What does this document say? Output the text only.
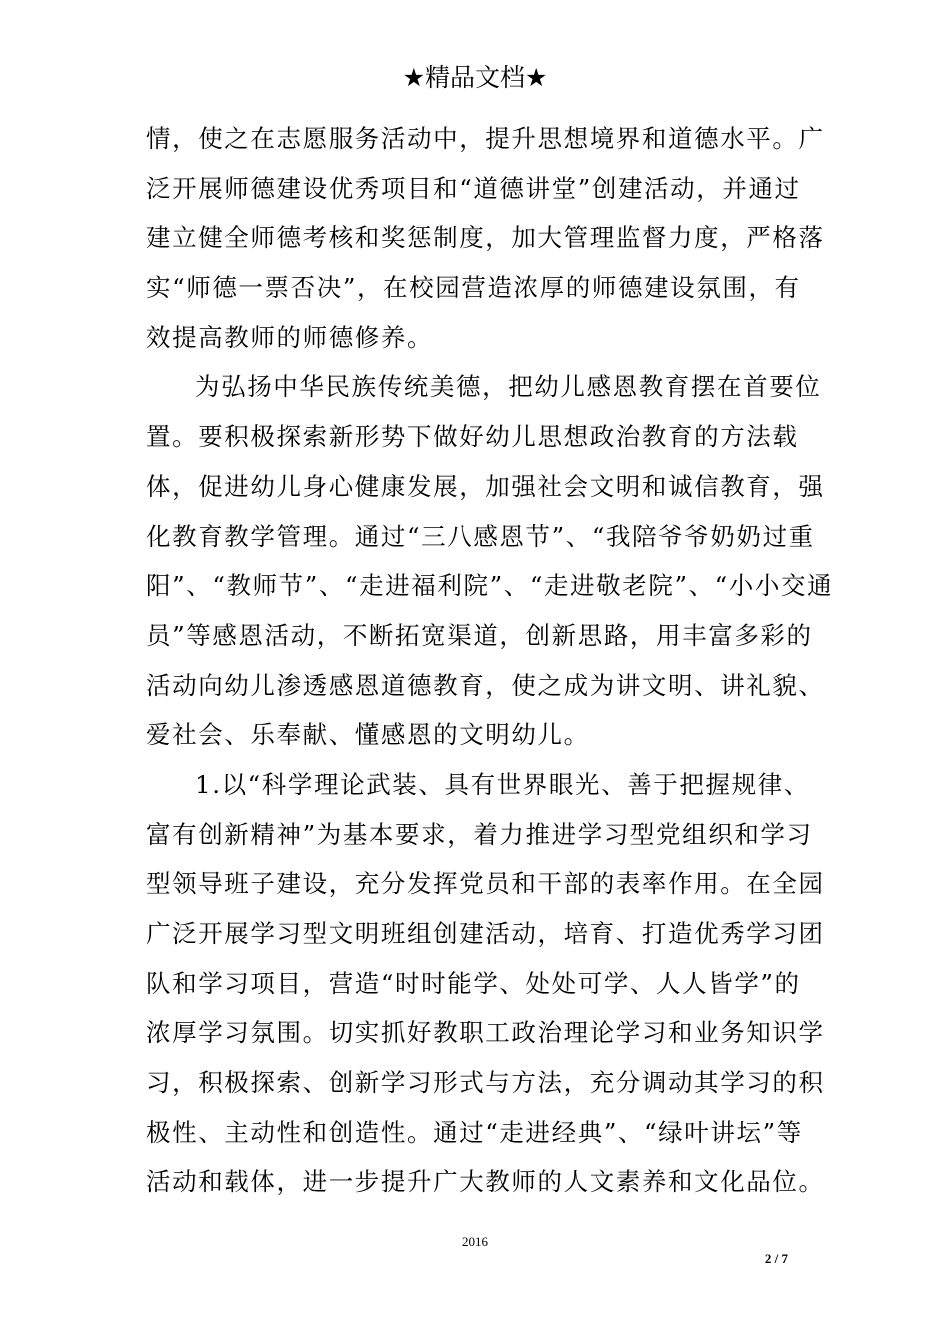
★精品文档★
情，使之在志愿服务活动中，提升思想境界和道德水平。广
泛开展师德建设优秀项目和“道德讲堂”创建活动，并通过
建立健全师德考核和奖惩制度，加大管理监督力度，严格落
实“师德一票否决”，在校园营造浓厚的师德建设氛围，有
效提高教师的师德修养。
为弘扬中华民族传统美德，把幼儿感恩教育摆在首要位
置。要积极探索新形势下做好幼儿思想政治教育的方法载
体，促进幼儿身心健康发展，加强社会文明和诚信教育，强
化教育教学管理。通过“三八感恩节”、“我陪爷爷奶奶过重
阳”、“教师节”、“走进福利院”、“走进敬老院”、“小小交通
员”等感恩活动，不断拓宽渠道，创新思路，用丰富多彩的
活动向幼儿渗透感恩道德教育，使之成为讲文明、讲礼貌、
爱社会、乐奉献、懂感恩的文明幼儿。
1.以“科学理论武装、具有世界眼光、善于把握规律、
富有创新精神”为基本要求，着力推进学习型党组织和学习
型领导班子建设，充分发挥党员和干部的表率作用。在全园
广泛开展学习型文明班组创建活动，培育、打造优秀学习团
队和学习项目，营造“时时能学、处处可学、人人皆学”的
浓厚学习氛围。切实抓好教职工政治理论学习和业务知识学
习，积极探索、创新学习形式与方法，充分调动其学习的积
极性、主动性和创造性。通过“走进经典”、“绿叶讲坛”等
活动和载体，进一步提升广大教师的人文素养和文化品位。
2016
2 / 7
